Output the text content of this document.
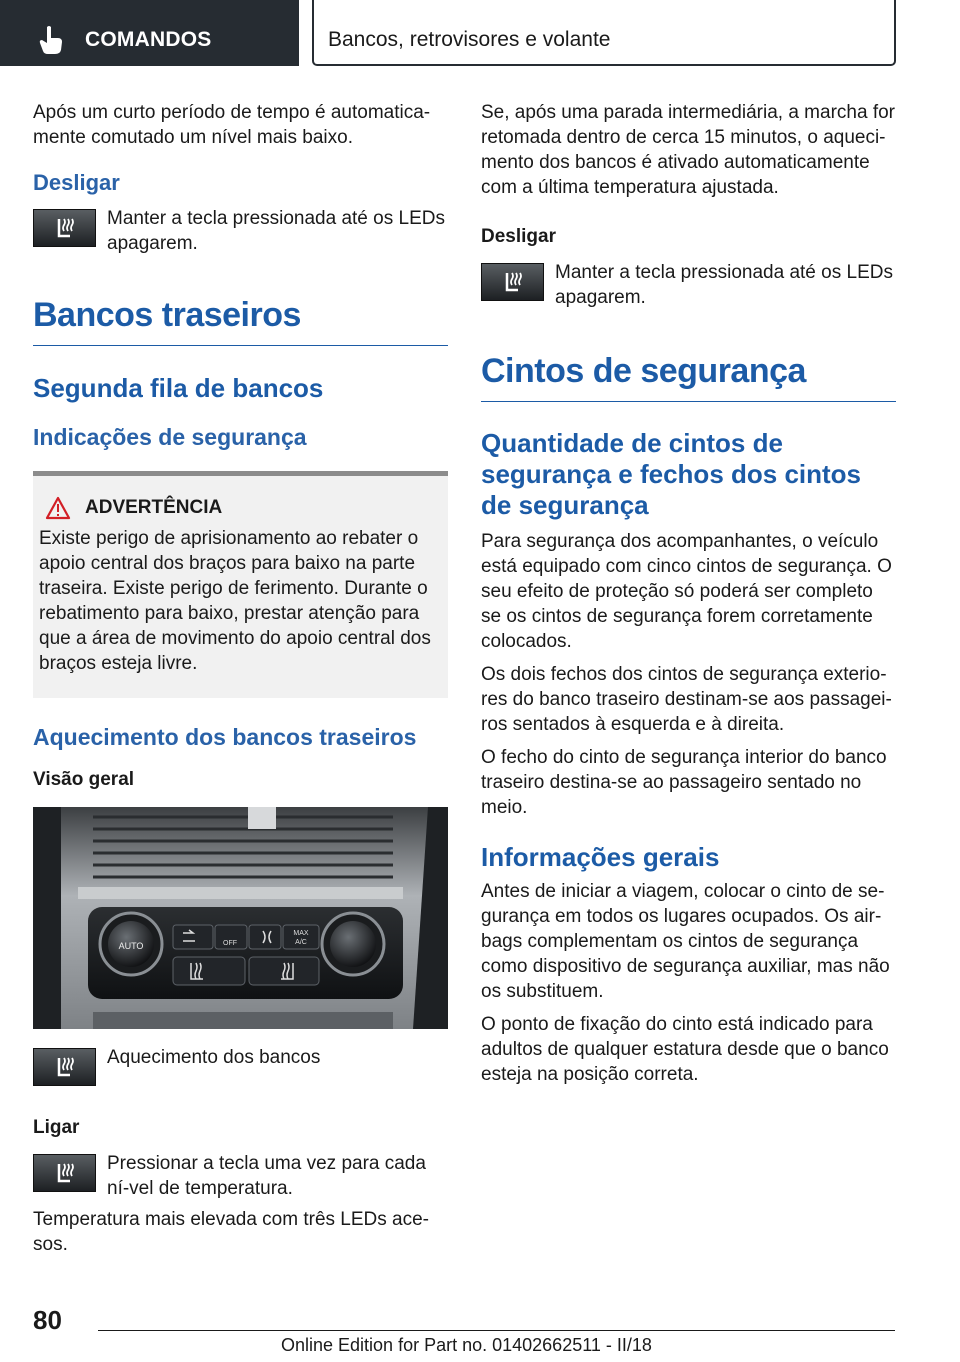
COMANDOS	Bancos, retrovisores e volante

Após um curto período de tempo é automatica-mente comutado um nível mais baixo.

Desligar
Manter a tecla pressionada até os LEDs apagarem.
Bancos traseiros
Segunda fila de bancos
Indicações de segurança
ADVERTÊNCIA

Existe perigo de aprisionamento ao rebater o apoio central dos braços para baixo na parte traseira. Existe perigo de ferimento. Durante o rebatimento para baixo, prestar atenção para que a área de movimento do apoio central dos braços esteja livre.

Aquecimento dos bancos traseiros
Visão geral
AUTO	OFF
MAX
A/C
Aquecimento dos bancos
Ligar
Pressionar a tecla uma vez para cada ní-vel de temperatura.

Temperatura mais elevada com três LEDs ace-sos.

Se, após uma parada intermediária, a marcha for retomada dentro de cerca 15 minutos, o aqueci-mento dos bancos é ativado automaticamente com a última temperatura ajustada.

Desligar
Manter a tecla pressionada até os LEDs apagarem.
Cintos de segurança
Quantidade de cintos de segurança e fechos dos cintos de segurança

Para segurança dos acompanhantes, o veículo está equipado com cinco cintos de segurança. O seu efeito de proteção só poderá ser completo se os cintos de segurança forem corretamente colocados.

Os dois fechos dos cintos de segurança exterio-res do banco traseiro destinam-se aos passagei-ros sentados à esquerda e à direita.

O fecho do cinto de segurança interior do banco traseiro destina-se ao passageiro sentado no meio.

Informações gerais

Antes de iniciar a viagem, colocar o cinto de se-gurança em todos os lugares ocupados. Os air-bags complementam os cintos de segurança como dispositivo de segurança auxiliar, mas não os substituem.

O ponto de fixação do cinto está indicado para adultos de qualquer estatura desde que o banco esteja na posição correta.

80
Online Edition for Part no. 01402662511 - II/18
